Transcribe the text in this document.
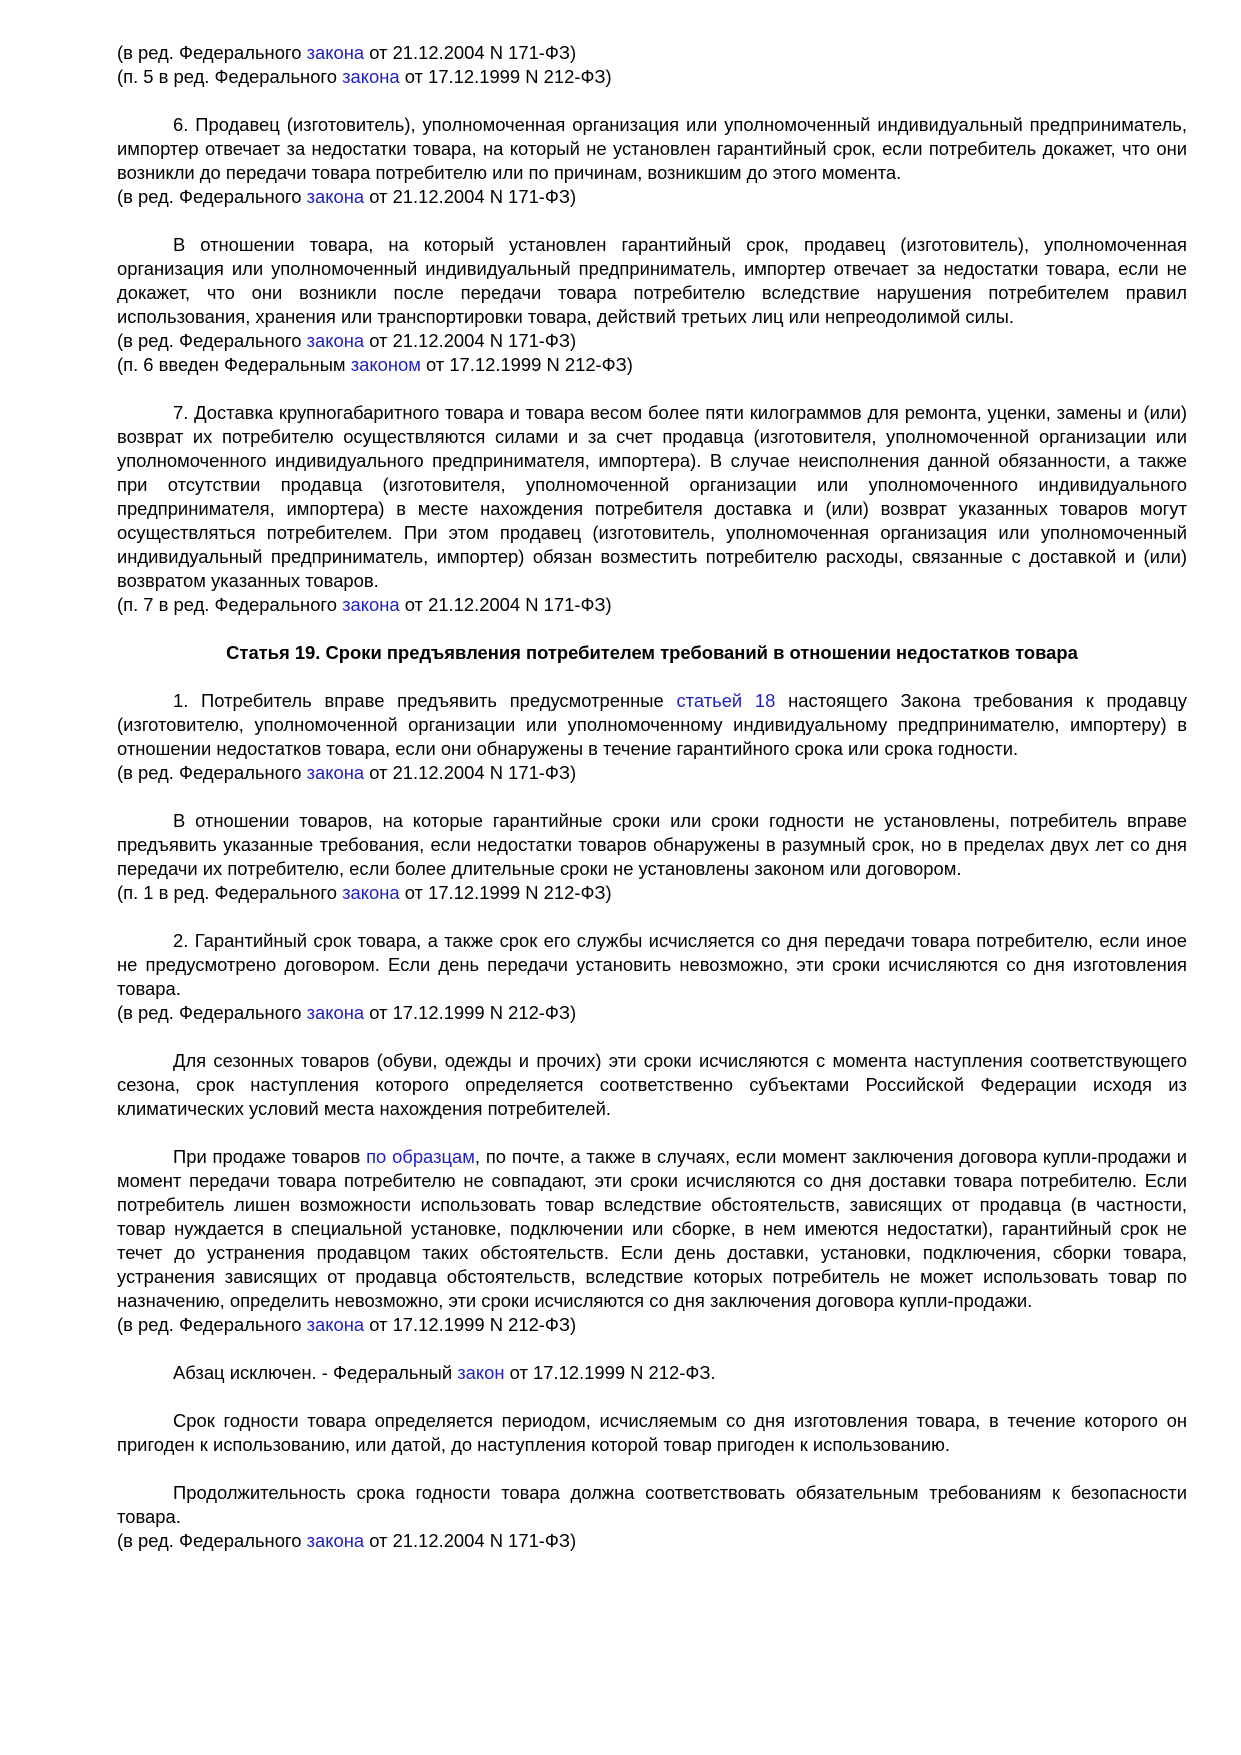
(в ред. Федерального закона от 21.12.2004 N 171-ФЗ)

(п. 5 в ред. Федерального закона от 17.12.1999 N 212-ФЗ)

6. Продавец (изготовитель), уполномоченная организация или уполномоченный индивидуальный предприниматель, импортер отвечает за недостатки товара, на который не установлен гарантийный срок, если потребитель докажет, что они возникли до передачи товара потребителю или по причинам, возникшим до этого момента.

(в ред. Федерального закона от 21.12.2004 N 171-ФЗ)

В отношении товара, на который установлен гарантийный срок, продавец (изготовитель), уполномоченная организация или уполномоченный индивидуальный предприниматель, импортер отвечает за недостатки товара, если не докажет, что они возникли после передачи товара потребителю вследствие нарушения потребителем правил использования, хранения или транспортировки товара, действий третьих лиц или непреодолимой силы.

(в ред. Федерального закона от 21.12.2004 N 171-ФЗ)

(п. 6 введен Федеральным законом от 17.12.1999 N 212-ФЗ)

7. Доставка крупногабаритного товара и товара весом более пяти килограммов для ремонта, уценки, замены и (или) возврат их потребителю осуществляются силами и за счет продавца (изготовителя, уполномоченной организации или уполномоченного индивидуального предпринимателя, импортера). В случае неисполнения данной обязанности, а также при отсутствии продавца (изготовителя, уполномоченной организации или уполномоченного индивидуального предпринимателя, импортера) в месте нахождения потребителя доставка и (или) возврат указанных товаров могут осуществляться потребителем. При этом продавец (изготовитель, уполномоченная организация или уполномоченный индивидуальный предприниматель, импортер) обязан возместить потребителю расходы, связанные с доставкой и (или) возвратом указанных товаров.

(п. 7 в ред. Федерального закона от 21.12.2004 N 171-ФЗ)

Статья 19. Сроки предъявления потребителем требований в отношении недостатков товара

1. Потребитель вправе предъявить предусмотренные статьей 18 настоящего Закона требования к продавцу (изготовителю, уполномоченной организации или уполномоченному индивидуальному предпринимателю, импортеру) в отношении недостатков товара, если они обнаружены в течение гарантийного срока или срока годности.

(в ред. Федерального закона от 21.12.2004 N 171-ФЗ)

В отношении товаров, на которые гарантийные сроки или сроки годности не установлены, потребитель вправе предъявить указанные требования, если недостатки товаров обнаружены в разумный срок, но в пределах двух лет со дня передачи их потребителю, если более длительные сроки не установлены законом или договором.

(п. 1 в ред. Федерального закона от 17.12.1999 N 212-ФЗ)

2. Гарантийный срок товара, а также срок его службы исчисляется со дня передачи товара потребителю, если иное не предусмотрено договором. Если день передачи установить невозможно, эти сроки исчисляются со дня изготовления товара.

(в ред. Федерального закона от 17.12.1999 N 212-ФЗ)

Для сезонных товаров (обуви, одежды и прочих) эти сроки исчисляются с момента наступления соответствующего сезона, срок наступления которого определяется соответственно субъектами Российской Федерации исходя из климатических условий места нахождения потребителей.

При продаже товаров по образцам, по почте, а также в случаях, если момент заключения договора купли-продажи и момент передачи товара потребителю не совпадают, эти сроки исчисляются со дня доставки товара потребителю. Если потребитель лишен возможности использовать товар вследствие обстоятельств, зависящих от продавца (в частности, товар нуждается в специальной установке, подключении или сборке, в нем имеются недостатки), гарантийный срок не течет до устранения продавцом таких обстоятельств. Если день доставки, установки, подключения, сборки товара, устранения зависящих от продавца обстоятельств, вследствие которых потребитель не может использовать товар по назначению, определить невозможно, эти сроки исчисляются со дня заключения договора купли-продажи.

(в ред. Федерального закона от 17.12.1999 N 212-ФЗ)

Абзац исключен. - Федеральный закон от 17.12.1999 N 212-ФЗ.

Срок годности товара определяется периодом, исчисляемым со дня изготовления товара, в течение которого он пригоден к использованию, или датой, до наступления которой товар пригоден к использованию.

Продолжительность срока годности товара должна соответствовать обязательным требованиям к безопасности товара.

(в ред. Федерального закона от 21.12.2004 N 171-ФЗ)
